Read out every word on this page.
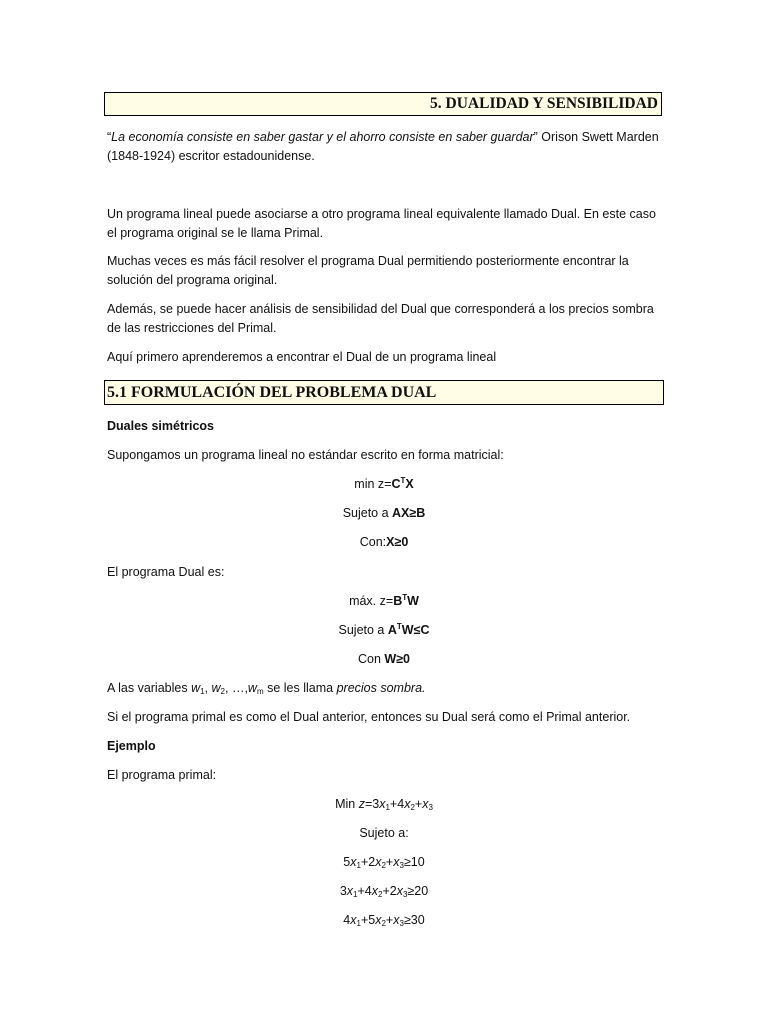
5. DUALIDAD Y SENSIBILIDAD

“La economía consiste en saber gastar y el ahorro consiste en saber guardar” Orison Swett Marden
(1848-1924) escritor estadounidense.

Un programa lineal puede asociarse a otro programa lineal equivalente llamado Dual. En este caso
el programa original se le llama Primal.

Muchas veces es más fácil resolver el programa Dual permitiendo posteriormente encontrar la
solución del programa original.

Además, se puede hacer análisis de sensibilidad del Dual que corresponderá a los precios sombra
de las restricciones del Primal.

Aquí primero aprenderemos a encontrar el Dual de un programa lineal

5.1 FORMULACIÓN DEL PROBLEMA DUAL

Duales simétricos

Supongamos un programa lineal no estándar escrito en forma matricial:

$\min z=C^TX$

Sujeto a AX≥B

Con:X≥0

El programa Dual es:

máx. $z=B^TW$

Sujeto a $A^TW\le C$

Con W≥0

A las variables $w_1$, $w_2$, $\dots,w_m$ se les llama precios sombra.

Si el programa primal es como el Dual anterior, entonces su Dual será como el Primal anterior.

Ejemplo

El programa primal:

Min $z=3x_1+4x_2+x_3$

Sujeto a:

$5x_1+2x_2+x_3\ge 10$

$3x_1+4x_2+2x_3\ge 20$

$4x_1+5x_2+x_3\ge 30$
